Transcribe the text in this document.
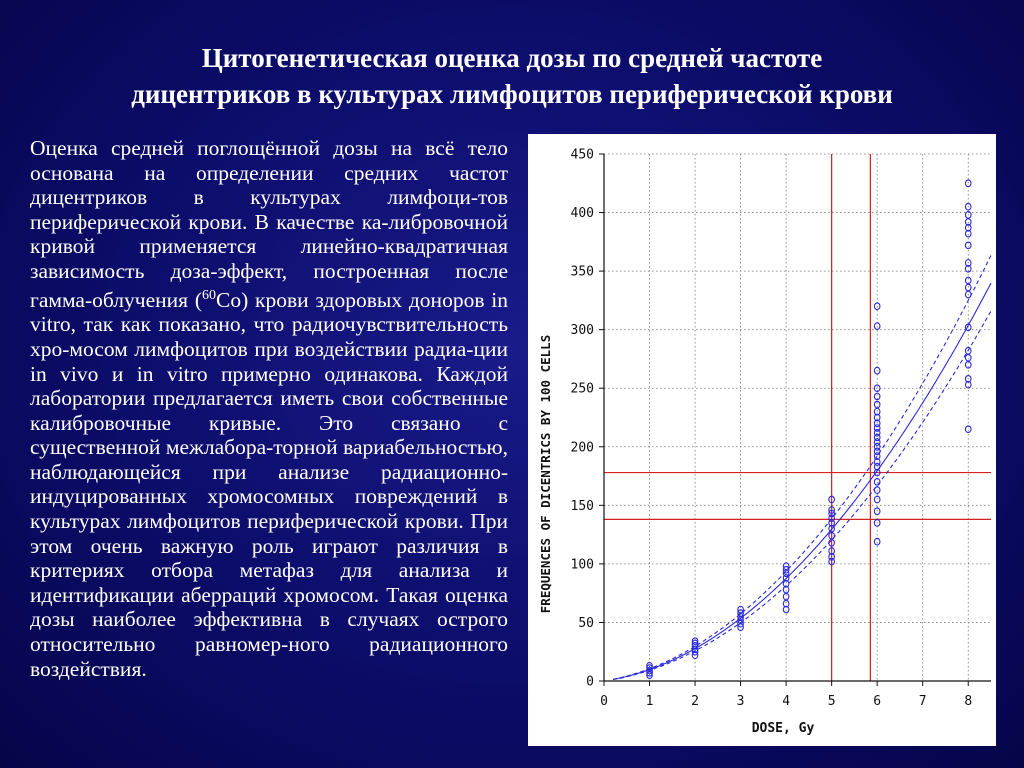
Цитогенетическая оценка дозы по средней частоте
дицентриков в культурах лимфоцитов периферической крови
Оценка средней поглощённой дозы на всё тело основана на определении средних частот дицентриков в культурах лимфоци-тов периферической крови. В качестве ка-либровочной кривой применяется линейно-квадратичная зависимость доза-эффект, построенная после гамма-облучения ($^{60}$Co) крови здоровых доноров in vitro, так как показано, что радиочувствительность хро-мосом лимфоцитов при воздействии радиа-ции in vivo и in vitro примерно одинакова. Каждой лаборатории предлагается иметь свои собственные калибровочные кривые. Это связано с существенной межлабора-торной вариабельностью, наблюдающейся при анализе радиационно-индуцированных хромосомных повреждений в культурах лимфоцитов периферической крови. При этом очень важную роль играют различия в критериях отбора метафаз для анализа и идентификации аберраций хромосом. Такая оценка дозы наиболее эффективна в случаях острого относительно равномер-ного радиационного воздействия.
0	1	2	3	4	5	6	7	8
0
50
100
150
200
250
300
350
400
450
DOSE, Gy
FREQUENCES OF DICENTRICS BY 100 CELLS
